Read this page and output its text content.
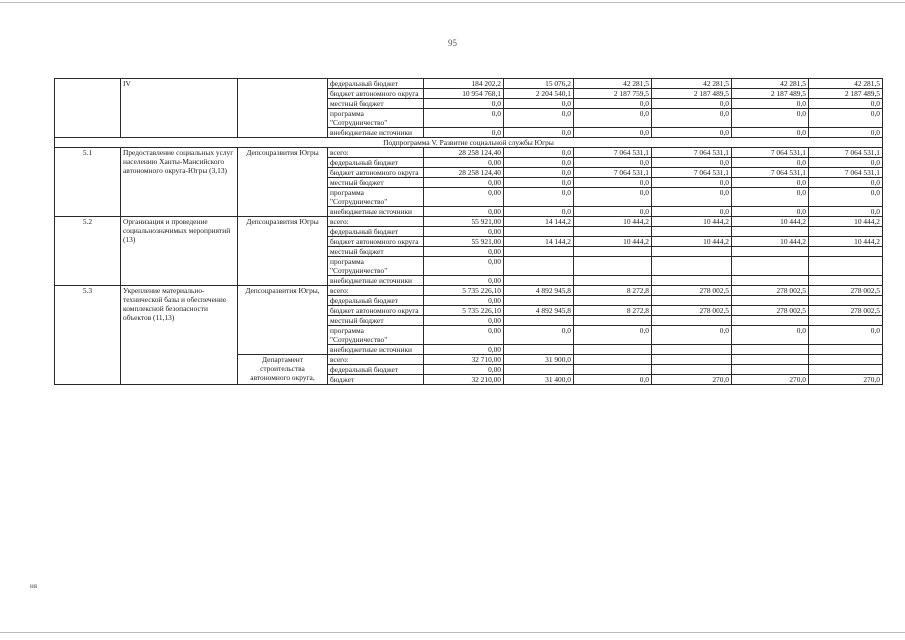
95
	IV		федеральный бюджет	184 202,2	15 076,2	42 281,5	42 281,5	42 281,5	42 281,5
			бюджет автономного округа	10 954 768,1	2 204 540,1	2 187 759,5	2 187 489,5	2 187 489,5	2 187 489,5
			местный бюджет	0,0	0,0	0,0	0,0	0,0	0,0
			программа "Сотрудничество"	0,0	0,0	0,0	0,0	0,0	0,0
			внебюджетные источники	0,0	0,0	0,0	0,0	0,0	0,0
Подпрограмма V. Развитие социальной службы Югры									
5.1	Предоставление социальных услуг населению Ханты-Мансийского автономного округа-Югры (3,13)	Депсоцразвития Югры	всего:	28 258 124,40	0,0	7 064 531,1	7 064 531,1	7 064 531,1	7 064 531,1
			федеральный бюджет	0,00	0,0	0,0	0,0	0,0	0,0
			бюджет автономного округа	28 258 124,40	0,0	7 064 531,1	7 064 531,1	7 064 531,1	7 064 531,1
			местный бюджет	0,00	0,0	0,0	0,0	0,0	0,0
			программа "Сотрудничество"	0,00	0,0	0,0	0,0	0,0	0,0
			внебюджетные источники	0,00	0,0	0,0	0,0	0,0	0,0
5.2	Организация и проведение социальнозначимых мероприятий (13)	Депсоцразвития Югры	всего:	55 921,00	14 144,2	10 444,2	10 444,2	10 444,2	10 444,2
			федеральный бюджет	0,00					
			бюджет автономного округа	55 921,00	14 144,2	10 444,2	10 444,2	10 444,2	10 444,2
			местный бюджет	0,00					
			программа "Сотрудничество"	0,00					
			внебюджетные источники	0,00					
5.3	Укрепление материально-технической базы и обеспечение комплексной безопасности объектов (11,13)	Депсоцразвития Югры,	всего:	5 735 226,10	4 892 945,8	8 272,8	278 002,5	278 002,5	278 002,5
			федеральный бюджет	0,00					
			бюджет автономного округа	5 735 226,10	4 892 945,8	8 272,8	278 002,5	278 002,5	278 002,5
			местный бюджет	0,00					
			программа "Сотрудничество"	0,00	0,0	0,0	0,0	0,0	0,0
			внебюджетные источники	0,00					
		Департамент строительства автономного округа,	всего:	32 710,00	31 900,0				
			федеральный бюджет	0,00					
			бюджет	32 210,00	31 400,0	0,0	270,0	270,0	270,0
ня
